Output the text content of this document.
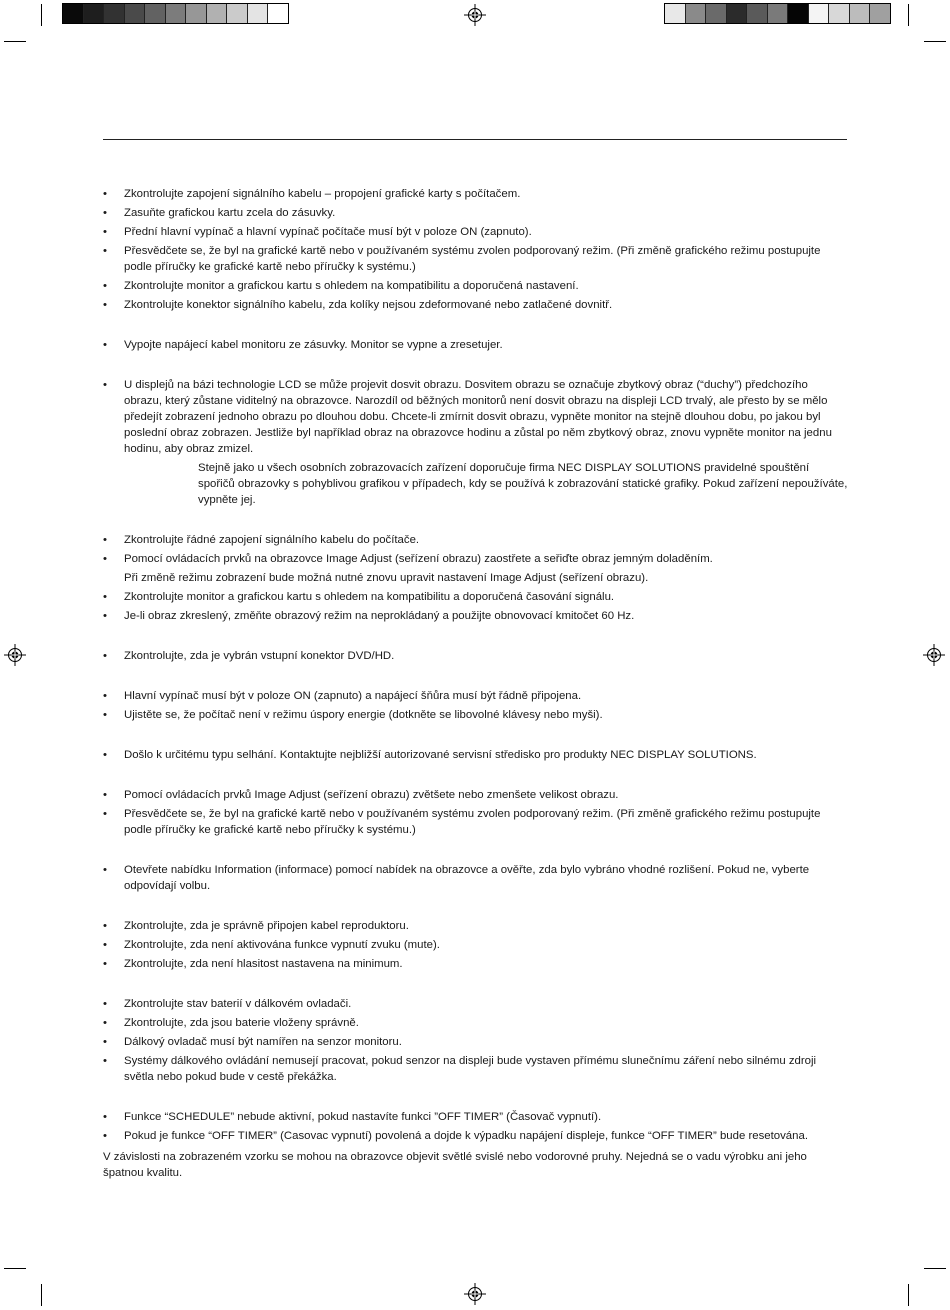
• Zkontrolujte zapojení signálního kabelu – propojení grafické karty s počítačem.
• Zasuňte grafickou kartu zcela do zásuvky.
• Přední hlavní vypínač a hlavní vypínač počítače musí být v poloze ON (zapnuto).
• Přesvědčete se, že byl na grafické kartě nebo v používaném systému zvolen podporovaný režim. (Při změně grafického režimu postupujte podle příručky ke grafické kartě nebo příručky k systému.)
• Zkontrolujte monitor a grafickou kartu s ohledem na kompatibilitu a doporučená nastavení.
• Zkontrolujte konektor signálního kabelu, zda kolíky nejsou zdeformované nebo zatlačené dovnitř.
• Vypojte napájecí kabel monitoru ze zásuvky. Monitor se vypne a zresetujer.
• U displejů na bázi technologie LCD se může projevit dosvit obrazu. Dosvitem obrazu se označuje zbytkový obraz (“duchy”) předchozího obrazu, který zůstane viditelný na obrazovce. Narozdíl od běžných monitorů není dosvit obrazu na displeji LCD trvalý, ale přesto by se mělo předejít zobrazení jednoho obrazu po dlouhou dobu. Chcete-li zmírnit dosvit obrazu, vypněte monitor na stejně dlouhou dobu, po jakou byl poslední obraz zobrazen. Jestliže byl například obraz na obrazovce hodinu a zůstal po něm zbytkový obraz, znovu vypněte monitor na jednu hodinu, aby obraz zmizel.
Stejně jako u všech osobních zobrazovacích zařízení doporučuje firma NEC DISPLAY SOLUTIONS pravidelné spouštění spořičů obrazovky s pohyblivou grafikou v případech, kdy se používá k zobrazování statické grafiky. Pokud zařízení nepoužíváte, vypněte jej.
• Zkontrolujte řádné zapojení signálního kabelu do počítače.
• Pomocí ovládacích prvků na obrazovce Image Adjust (seřízení obrazu) zaostřete a seřiďte obraz jemným doladěním.
Při změně režimu zobrazení bude možná nutné znovu upravit nastavení Image Adjust (seřízení obrazu).
• Zkontrolujte monitor a grafickou kartu s ohledem na kompatibilitu a doporučená časování signálu.
• Je-li obraz zkreslený, změňte obrazový režim na neprokládaný a použijte obnovovací kmitočet 60 Hz.
• Zkontrolujte, zda je vybrán vstupní konektor DVD/HD.
• Hlavní vypínač musí být v poloze ON (zapnuto) a napájecí šňůra musí být řádně připojena.
• Ujistěte se, že počítač není v režimu úspory energie (dotkněte se libovolné klávesy nebo myši).
• Došlo k určitému typu selhání. Kontaktujte nejbližší autorizované servisní středisko pro produkty NEC DISPLAY SOLUTIONS.
• Pomocí ovládacích prvků Image Adjust (seřízení obrazu) zvětšete nebo zmenšete velikost obrazu.
• Přesvědčete se, že byl na grafické kartě nebo v používaném systému zvolen podporovaný režim. (Při změně grafického režimu postupujte podle příručky ke grafické kartě nebo příručky k systému.)
• Otevřete nabídku Information (informace) pomocí nabídek na obrazovce a ověřte, zda bylo vybráno vhodné rozlišení. Pokud ne, vyberte odpovídají volbu.
• Zkontrolujte, zda je správně připojen kabel reproduktoru.
• Zkontrolujte, zda není aktivována funkce vypnutí zvuku (mute).
• Zkontrolujte, zda není hlasitost nastavena na minimum.
• Zkontrolujte stav baterií v dálkovém ovladači.
• Zkontrolujte, zda jsou baterie vloženy správně.
• Dálkový ovladač musí být namířen na senzor monitoru.
• Systémy dálkového ovládání nemusejí pracovat, pokud senzor na displeji bude vystaven přímému slunečnímu záření nebo silnému zdroji světla nebo pokud bude v cestě překážka.
• Funkce “SCHEDULE” nebude aktivní, pokud nastavíte funkci ”OFF TIMER” (Časovač vypnutí).
• Pokud je funkce “OFF TIMER” (Casovac vypnutí) povolená a dojde k výpadku napájení displeje, funkce “OFF TIMER” bude resetována.

V závislosti na zobrazeném vzorku se mohou na obrazovce objevit světlé svislé nebo vodorovné pruhy. Nejedná se o vadu výrobku ani jeho špatnou kvalitu.
